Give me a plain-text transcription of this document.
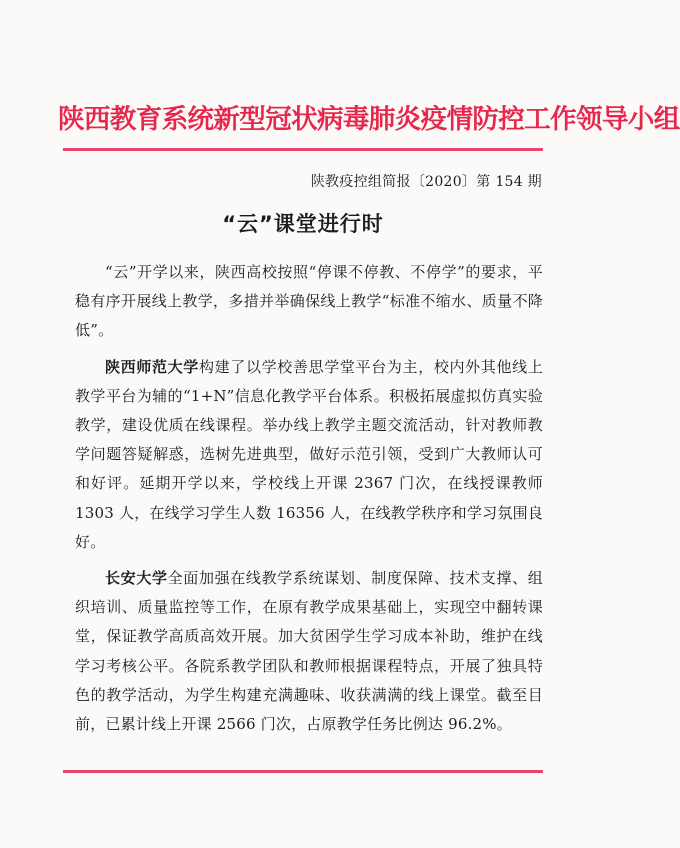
陕西教育系统新型冠状病毒肺炎疫情防控工作领导小组
陕教疫控组简报〔2020〕第 154 期
“云”课堂进行时

“云”开学以来，陕西高校按照“停课不停教、不停学”的要求，平稳有序开展线上教学，多措并举确保线上教学“标准不缩水、质量不降低”。

陕西师范大学构建了以学校善思学堂平台为主，校内外其他线上教学平台为辅的“1+N”信息化教学平台体系。积极拓展虚拟仿真实验教学，建设优质在线课程。举办线上教学主题交流活动，针对教师教学问题答疑解惑，选树先进典型，做好示范引领，受到广大教师认可和好评。延期开学以来，学校线上开课 2367 门次，在线授课教师 1303 人，在线学习学生人数 16356 人，在线教学秩序和学习氛围良好。

长安大学全面加强在线教学系统谋划、制度保障、技术支撑、组织培训、质量监控等工作，在原有教学成果基础上，实现空中翻转课堂，保证教学高质高效开展。加大贫困学生学习成本补助，维护在线学习考核公平。各院系教学团队和教师根据课程特点，开展了独具特色的教学活动，为学生构建充满趣味、收获满满的线上课堂。截至目前，已累计线上开课 2566 门次，占原教学任务比例达 96.2%。
